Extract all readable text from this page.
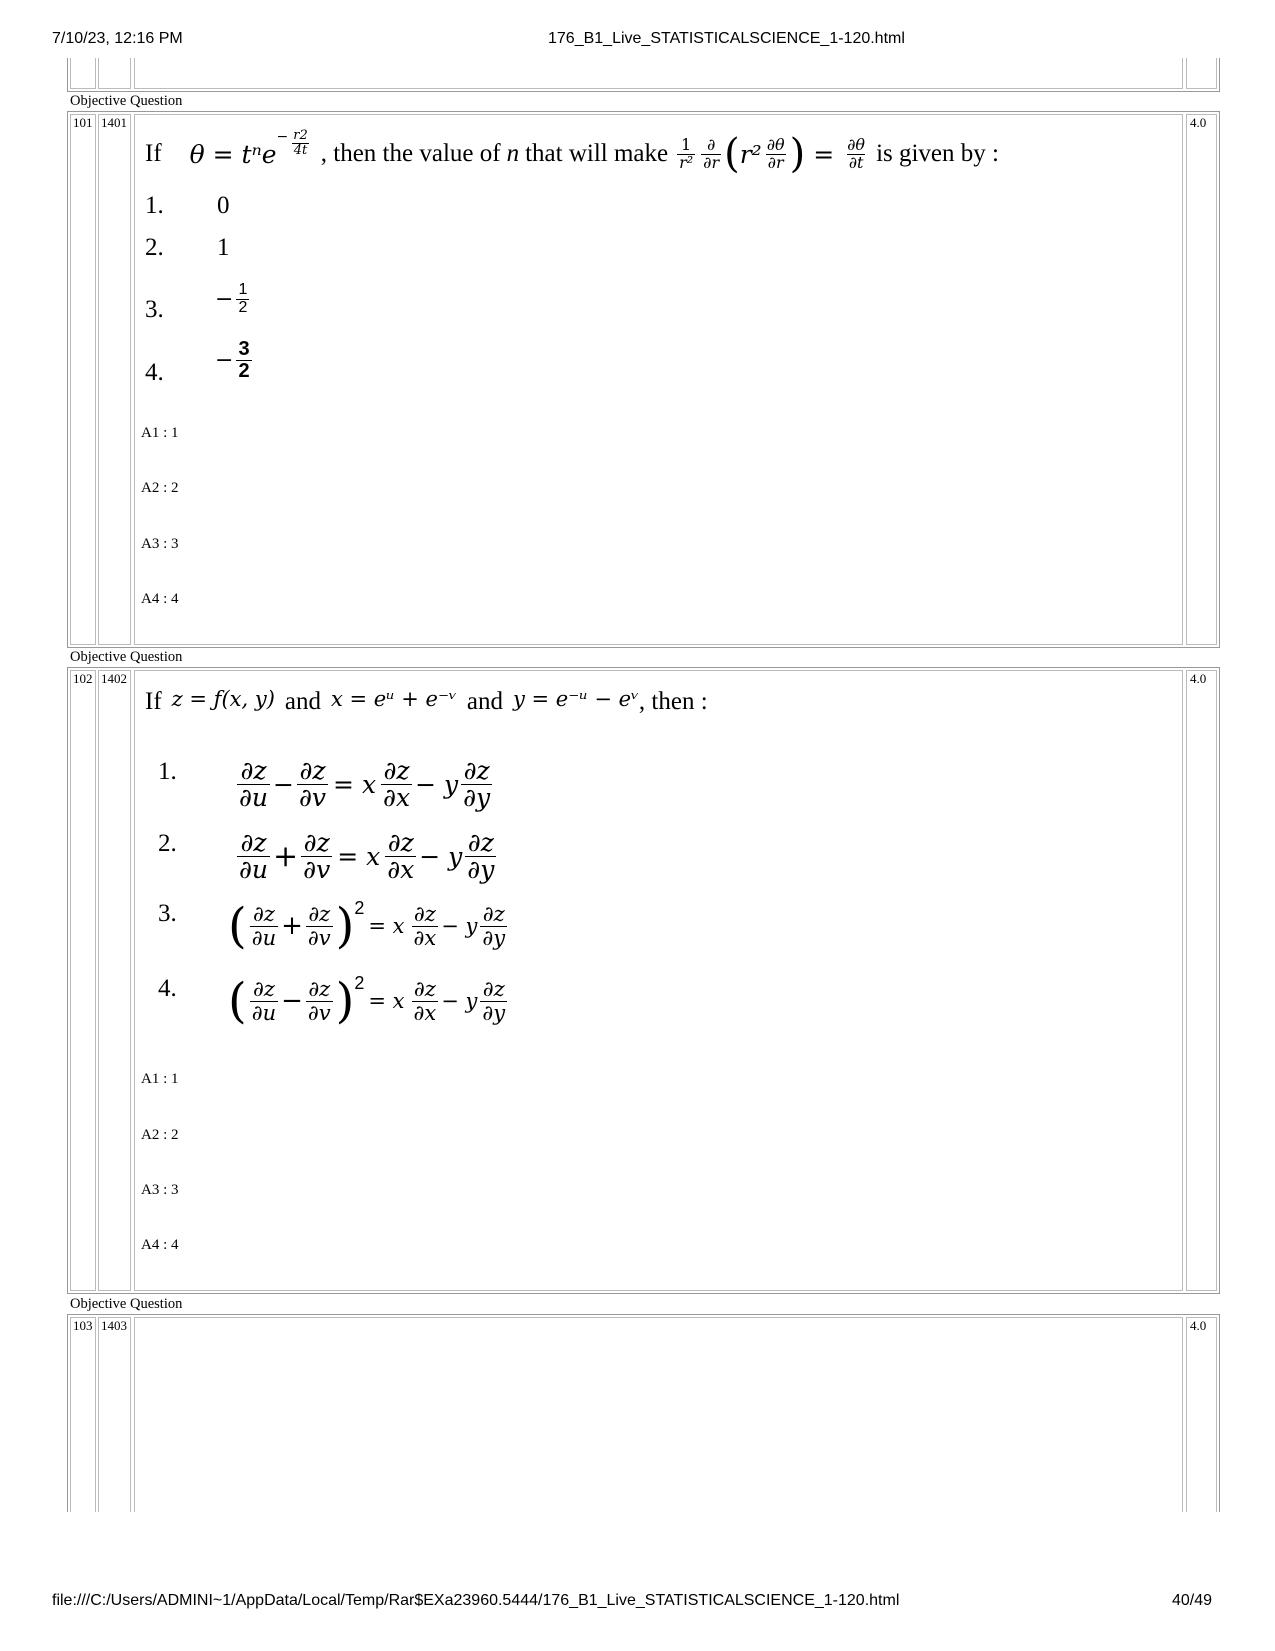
7/10/23, 12:16 PM	176_B1_Live_STATISTICALSCIENCE_1-120.html
Objective Question
101 1401	4.0
If θ = tⁿe
− $\frac{r2}{4t}$ , then the value of n that will make $\frac{1}{\text{r²}} \frac{\partial}{\partial r}$ ( $r^2 \frac{\partial\theta}{\partial r}$ ) = $\frac{\partial\theta}{\partial t}$ is given by :
1. 0
2. 1
3. − $\frac{1}{2}$
4. − $\frac{3}{2}$
A1 : 1
A2 : 2
A3 : 3
A4 : 4
Objective Question
102 1402	4.0
If z = ƒ(x, y) and x = eᵘ + e⁻ᵛ and y = e⁻ᵘ − eᵛ , then :
1. $\frac{\partial z}{\partial u} - \frac{\partial z}{\partial v} = x \frac{\partial z}{\partial x} - y \frac{\partial z}{\partial y}$
2. $\frac{\partial z}{\partial u} + \frac{\partial z}{\partial v} = x \frac{\partial z}{\partial x} - y \frac{\partial z}{\partial y}$
3. ( $\frac{\partial z}{\partial u} + \frac{\partial z}{\partial v}$ ) 2
= x $\frac{\partial z}{\partial x} - y \frac{\partial z}{\partial y}$
4. ( $\frac{\partial z}{\partial u} - \frac{\partial z}{\partial v}$ ) 2
= x $\frac{\partial z}{\partial x} - y \frac{\partial z}{\partial y}$
A1 : 1
A2 : 2
A3 : 3
A4 : 4
Objective Question
103 1403	4.0
file:///C:/Users/ADMINI~1/AppData/Local/Temp/Rar$EXa23960.5444/176_B1_Live_STATISTICALSCIENCE_1-120.html	40/49
